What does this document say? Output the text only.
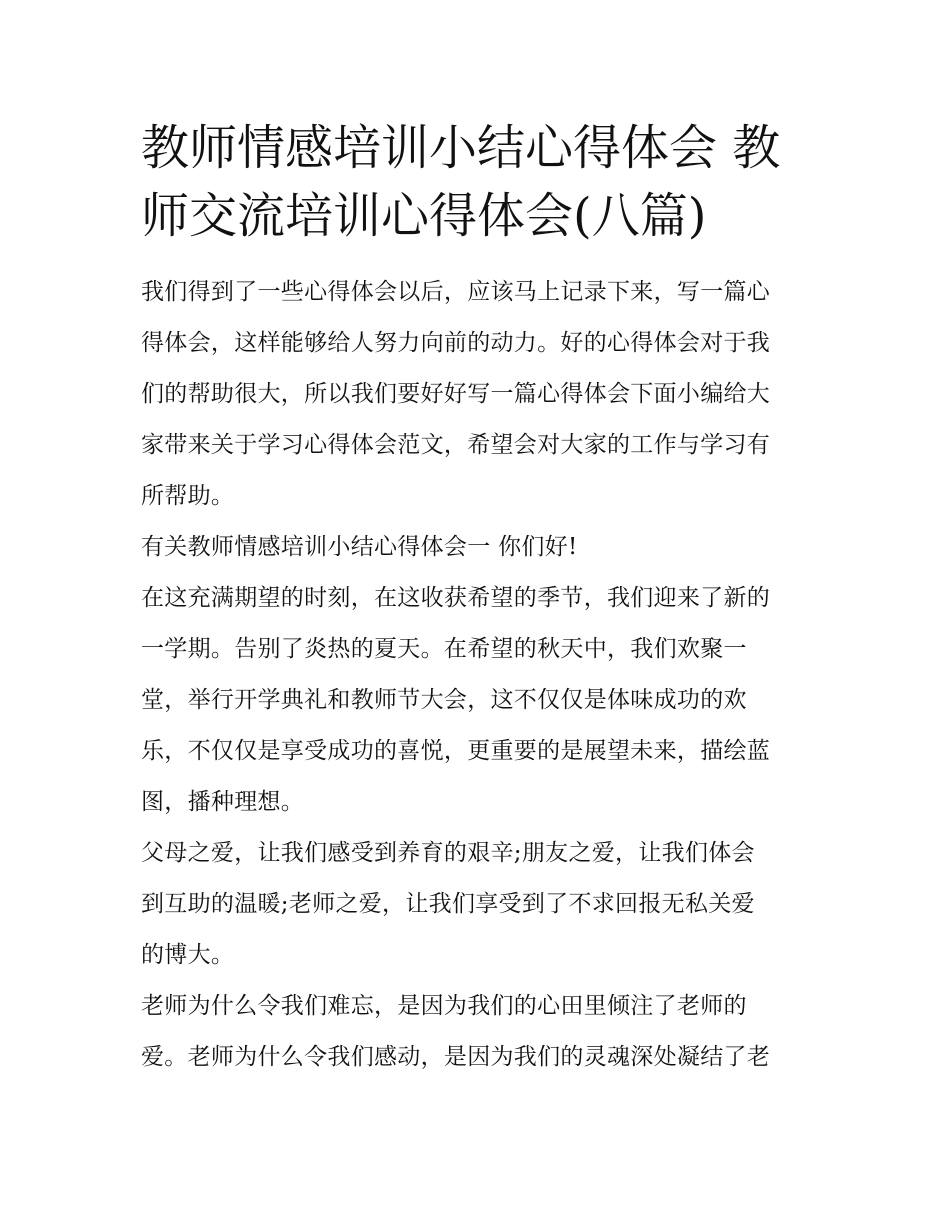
教师情感培训小结心得体会 教
师交流培训心得体会(八篇)

我们得到了一些心得体会以后，应该马上记录下来，写一篇心
得体会，这样能够给人努力向前的动力。好的心得体会对于我
们的帮助很大，所以我们要好好写一篇心得体会下面小编给大
家带来关于学习心得体会范文，希望会对大家的工作与学习有
所帮助。

有关教师情感培训小结心得体会一 你们好!

在这充满期望的时刻，在这收获希望的季节，我们迎来了新的
一学期。告别了炎热的夏天。在希望的秋天中，我们欢聚一
堂，举行开学典礼和教师节大会，这不仅仅是体味成功的欢
乐，不仅仅是享受成功的喜悦，更重要的是展望未来，描绘蓝
图，播种理想。

父母之爱，让我们感受到养育的艰辛;朋友之爱，让我们体会
到互助的温暖;老师之爱，让我们享受到了不求回报无私关爱
的博大。

老师为什么令我们难忘，是因为我们的心田里倾注了老师的
爱。老师为什么令我们感动，是因为我们的灵魂深处凝结了老
